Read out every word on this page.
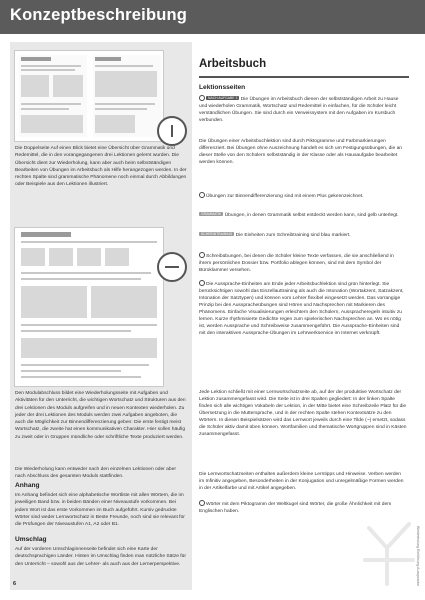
Konzeptbeschreibung
Die Doppelseite Auf einen Blick bietet eine Übersicht über Grammatik und Redemittel, die in den vorangegangenen drei Lektionen gelernt wurden. Die Übersicht dient zur Wiederholung, kann aber auch beim selbstständigen Bearbeiten von Übungen im Arbeitsbuch als Hilfe herangezogen werden. In der rechten Spalte sind grammatische Phänomene noch einmal durch Abbildungen oder Beispiele aus den Lektionen illustriert.
Den Modulabschluss bildet eine Wiederholungsseite mit Aufgaben und Aktivitäten für den Unterricht, die wichtigen Wortschatz und Strukturen aus den drei Lektionen des Moduls aufgreifen und in neuen Kontexten wiederholen. Zu jeder der drei Lektionen des Moduls werden zwei Aufgaben angeboten, die auch die Möglichkeit zur Binnendifferenzierung geben: Die erste festigt meist Wortschatz, die zweite hat einen kommunikativen Charakter. Hier sollen häufig zu zweit oder in Gruppen mündliche oder schriftliche Texte produziert werden.
Die Wiederholung kann entweder nach den einzelnen Lektionen oder aber nach Abschluss des gesamten Moduls stattfinden.
Anhang
Im Anhang befindet sich eine alphabetische Wortliste mit allen Wörtern, die im jeweiligen Band bzw. in beiden Bänden einer Niveaustufe vorkommen. Bei jedem Wort ist das erste Vorkommen im Buch aufgeführt. Kursiv gedruckte Wörter sind weder Lernwortschatz in Beste Freunde, noch sind sie relevant für die Prüfungen der Niveaustufen A1, A2 oder B1.
Umschlag
Auf der vorderen Umschlaginnenseite befindet sich eine Karte der deutschsprachigen Länder. Hinten im Umschlag finden man nützliche Sätze für den Unterricht – sowohl aus der Lehrer- als auch aus der Lernerperspektive.
Arbeitsbuch
Lektionsseiten
NACH AUFGABE 3 Die Übungen im Arbeitsbuch dienen der selbstständigen Arbeit zu Hause und wiederholen Grammatik, Wortschatz und Redemittel in einfachen, für die Schüler leicht verständlichen Übungen. Sie sind durch ein Verweissystem mit den Aufgaben im Kursbuch verbunden.
Die Übungen einer Arbeitsbuchlektion sind durch Piktogramme und Farbmarkierungen differenziert. Bei Übungen ohne Auszeichnung handelt es sich um Festigungsübungen, die an dieser Stelle von den Schülern selbstständig in der Klasse oder als Hausaufgabe bearbeitet werden können.
Übungen zur Binnendifferenzierung sind mit einem Plus gekennzeichnet.
GRAMMATIK Übungen, in denen Grammatik selbst entdeckt werden kann, sind gelb unterlegt.
SCHREIBTRAINING Die Einheiten zum Schreibtraining sind blau markiert.
Schreibübungen, bei denen die Schüler kleine Texte verfassen, die sie anschließend in ihrem persönlichen Dossier bzw. Portfolio ablegen können, sind mit dem Symbol der Büroklammer versehen.
Die Aussprache-Einheiten am Ende jeder Arbeitsbuchlektion sind grün hinterlegt. Sie berücksichtigen sowohl das Einzellauttraining als auch die Intonation (Wortakzent, Satzakzent, Intonation der Satztypen) und können vom Lehrer flexibel eingesetzt werden. Das vorrangige Prinzip bei den Ausspracheübungen sind Hören und Nachsprechen mit Markieren des Phänomens. Einfache Visualisierungen erleichtern den Schülern, Ausspracheregeln intuitiv zu lernen. Kurze rhythmisierte Gedichte regen zum spielerischen Nachsprechen an. Wo es nötig ist, werden Aussprache und Schreibweise zusammengeführt. Die Aussprache-Einheiten sind mit den interaktiven Aussprache-Übungen im Lehrwerkservice im Internet verknüpft.
Jede Lektion schließt mit einer Lernwortschatzseite ab, auf der der produktive Wortschatz der Lektion zusammengefasst wird. Die Seite ist in drei Spalten gegliedert: In der linken Spalte finden sich alle wichtigen Vokabeln der Lektion, in der Mitte bietet eine Schreibzeile Platz für die Übersetzung in die Muttersprache, und in der rechten Spalte stehen Kontextsätze zu den Wörtern. In diesen Beispielsätzen wird das Lernwort jeweils durch eine Tilde (~) ersetzt, sodass die Schüler aktiv damit üben können. Wortfamilien und thematische Wortgruppen sind in Kästen zusammengefasst.
Die Lernwortschatzseiten enthalten außerdem kleine Lerntipps und Hinweise. Verben werden im Infinitiv angegeben, Besonderheiten in der Konjugation und unregelmäßige Formen werden in der Artikelfarbe und mit Artikel angegeben.
Wörter mit dem Piktogramm der Weltkugel sind Wörter, die große Ähnlichkeit mit dem Englischen haben.
Wiederholung Einführung Aussprache
6
